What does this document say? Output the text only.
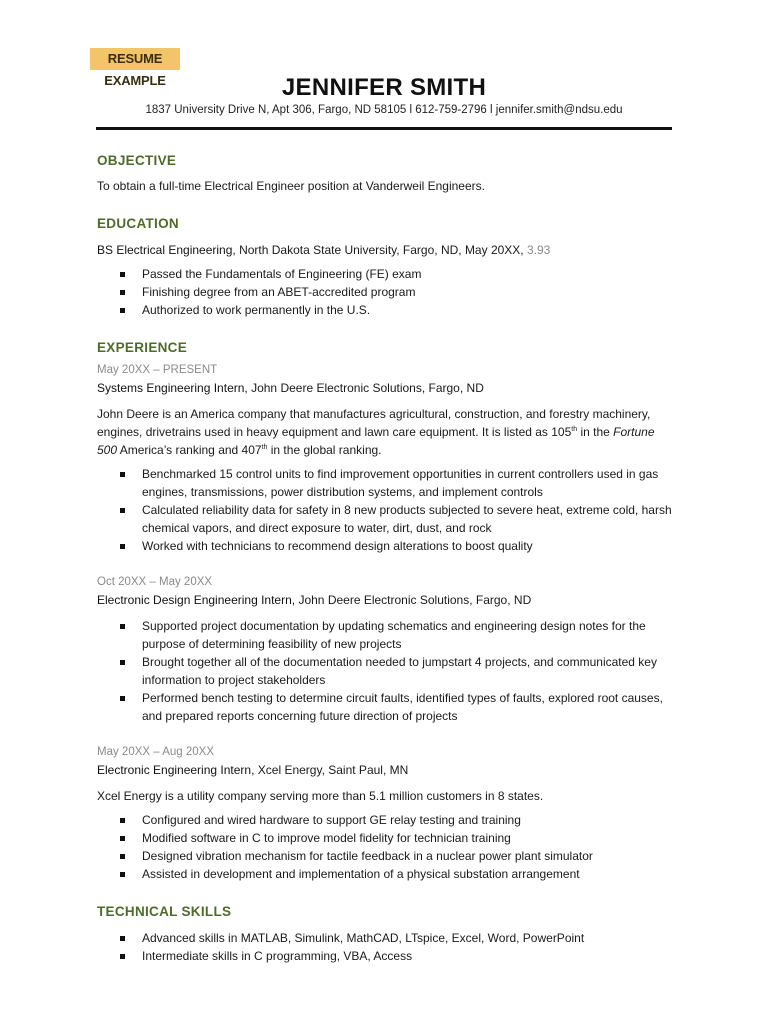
RESUME EXAMPLE	JENNIFER SMITH
1837 University Drive N, Apt 306, Fargo, ND 58105 l 612-759-2796 l jennifer.smith@ndsu.edu
OBJECTIVE

To obtain a full-time Electrical Engineer position at Vanderweil Engineers.

EDUCATION

BS Electrical Engineering, North Dakota State University, Fargo, ND, May 20XX, 3.93

Passed the Fundamentals of Engineering (FE) exam
Finishing degree from an ABET-accredited program
Authorized to work permanently in the U.S.
EXPERIENCE

May 20XX – PRESENT

Systems Engineering Intern, John Deere Electronic Solutions, Fargo, ND

John Deere is an America company that manufactures agricultural, construction, and forestry machinery, engines, drivetrains used in heavy equipment and lawn care equipment. It is listed as 105th in the Fortune 500 America’s ranking and 407th in the global ranking.

Benchmarked 15 control units to find improvement opportunities in current controllers used in gas engines, transmissions, power distribution systems, and implement controls
Calculated reliability data for safety in 8 new products subjected to severe heat, extreme cold, harsh chemical vapors, and direct exposure to water, dirt, dust, and rock
Worked with technicians to recommend design alterations to boost quality

Oct 20XX – May 20XX

Electronic Design Engineering Intern, John Deere Electronic Solutions, Fargo, ND

Supported project documentation by updating schematics and engineering design notes for the purpose of determining feasibility of new projects
Brought together all of the documentation needed to jumpstart 4 projects, and communicated key information to project stakeholders
Performed bench testing to determine circuit faults, identified types of faults, explored root causes, and prepared reports concerning future direction of projects

May 20XX – Aug 20XX

Electronic Engineering Intern, Xcel Energy, Saint Paul, MN

Xcel Energy is a utility company serving more than 5.1 million customers in 8 states.

Configured and wired hardware to support GE relay testing and training
Modified software in C to improve model fidelity for technician training
Designed vibration mechanism for tactile feedback in a nuclear power plant simulator
Assisted in development and implementation of a physical substation arrangement
TECHNICAL SKILLS
Advanced skills in MATLAB, Simulink, MathCAD, LTspice, Excel, Word, PowerPoint
Intermediate skills in C programming, VBA, Access
